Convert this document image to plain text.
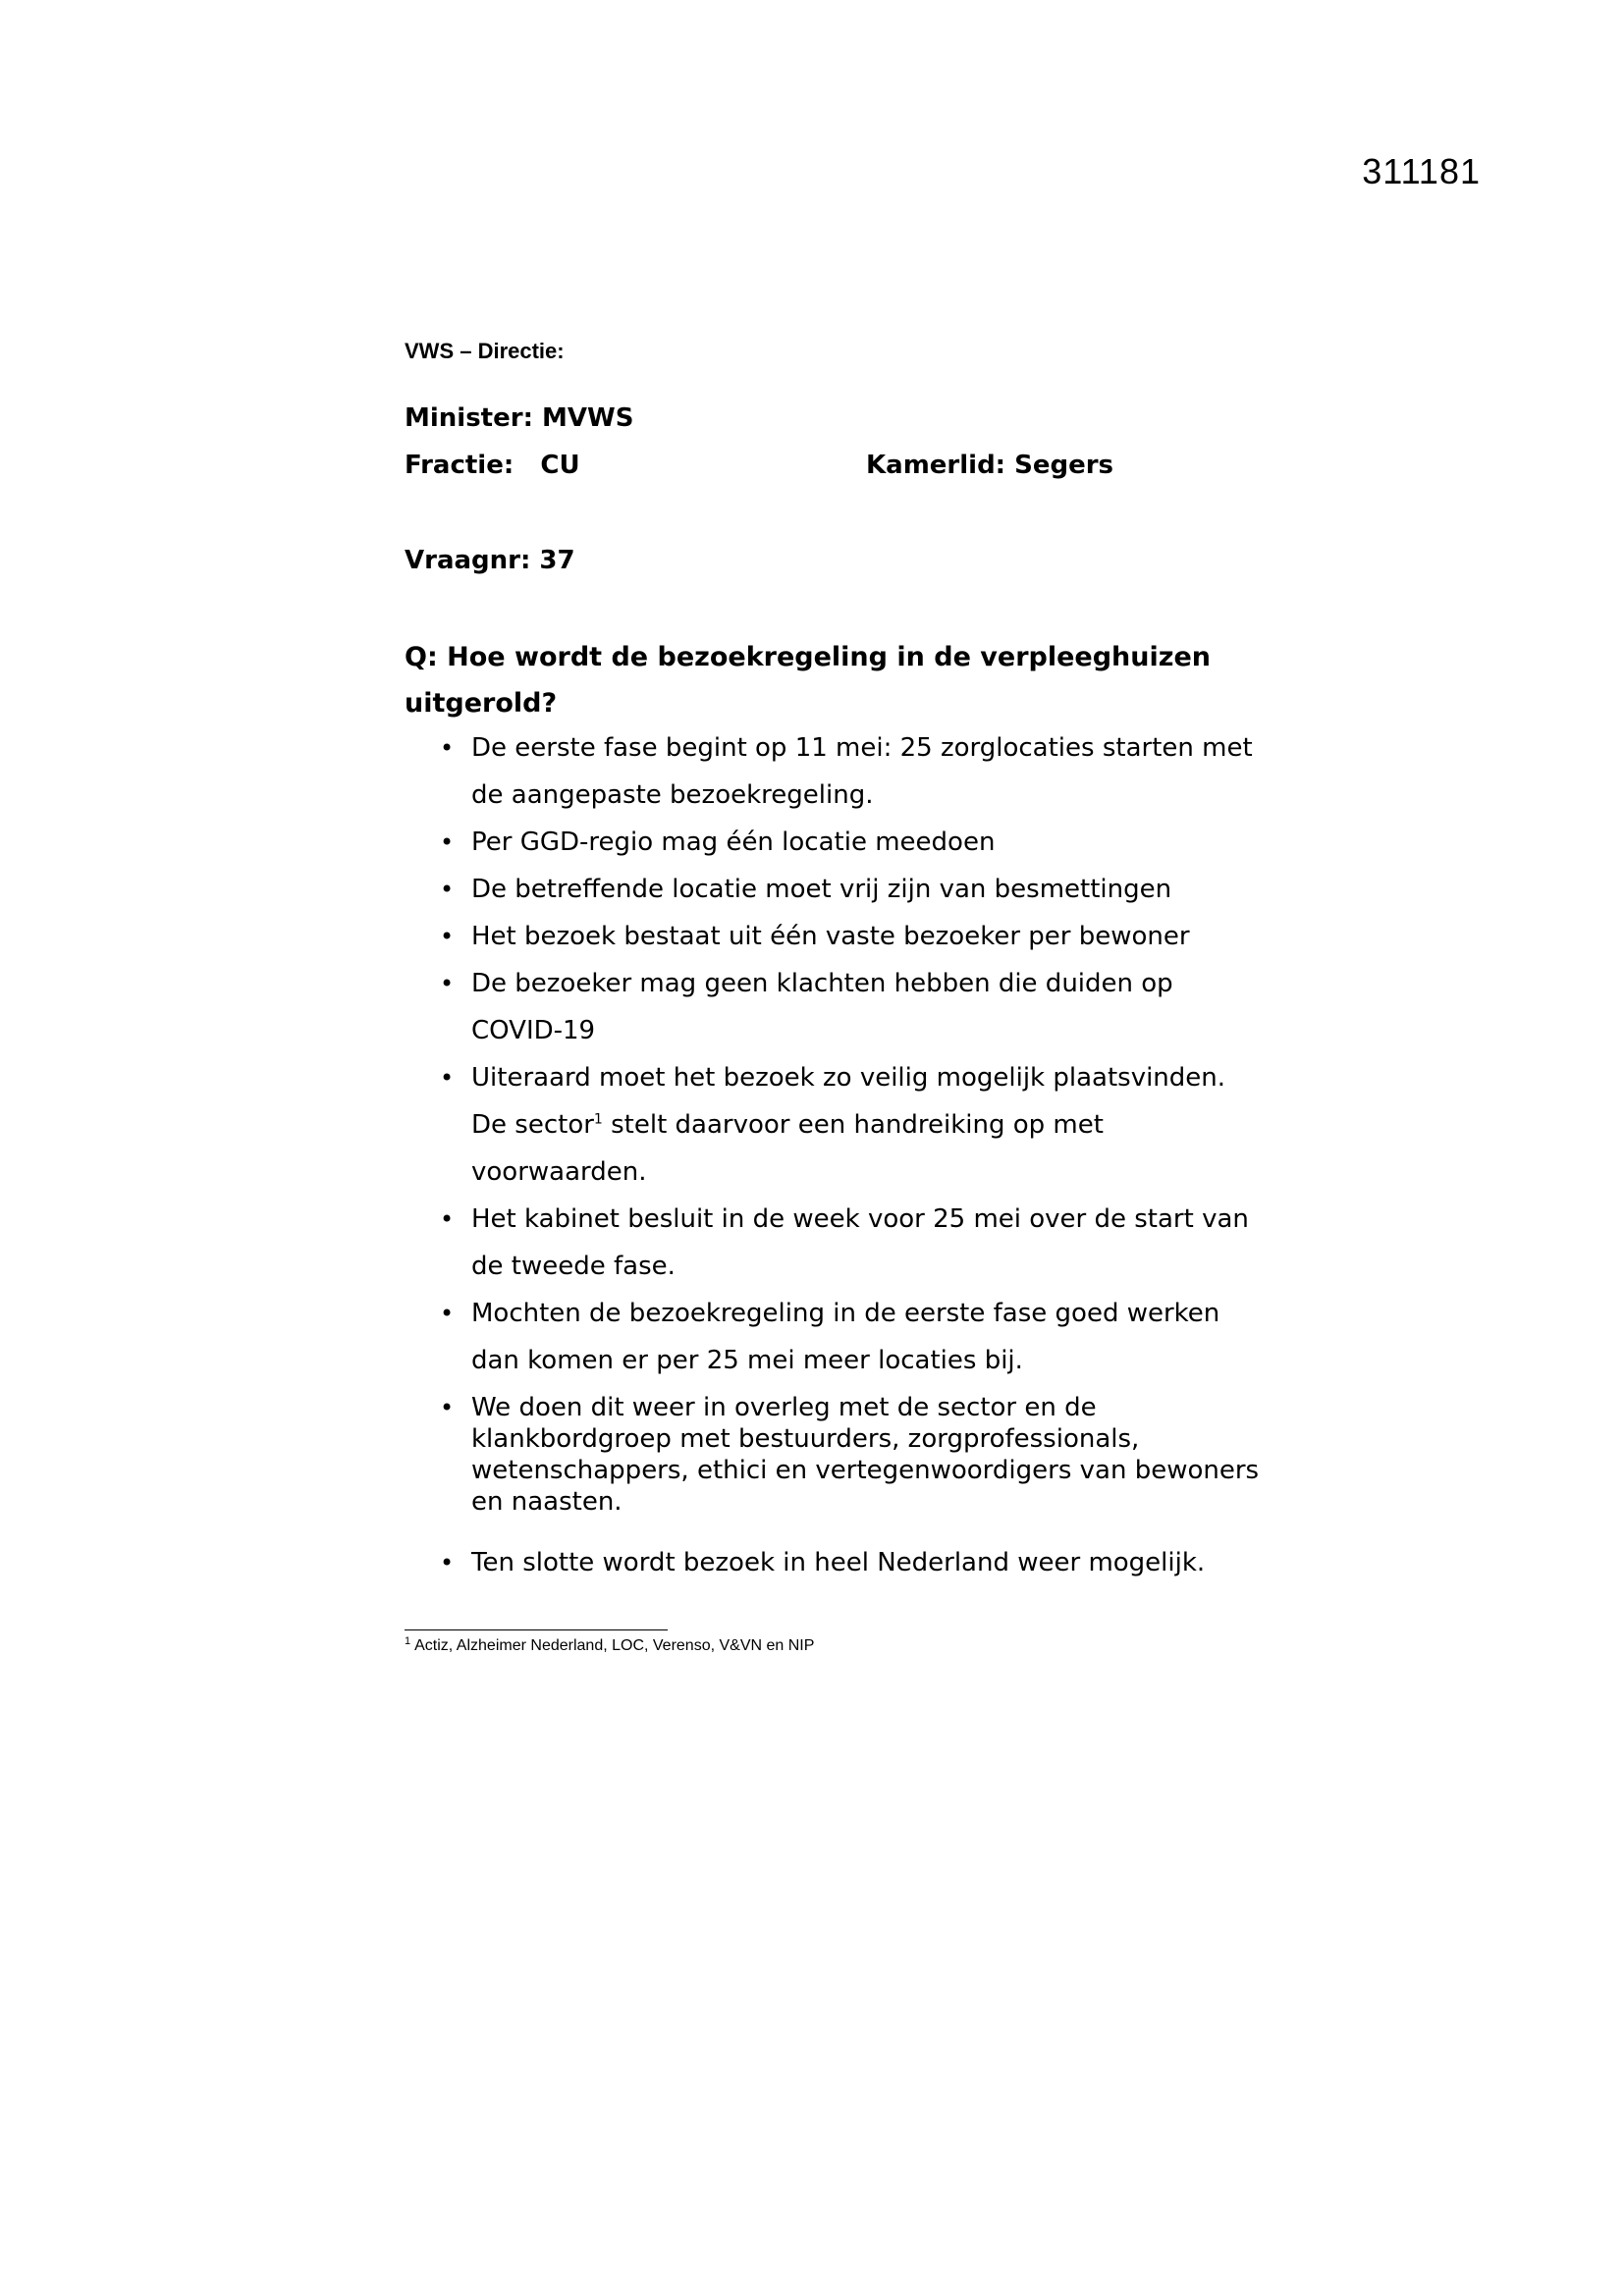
311181
VWS – Directie:
Minister: MVWS
Fractie:   CU	Kamerlid: Segers
Vraagnr: 37
Q: Hoe wordt de bezoekregeling in de verpleeghuizen uitgerold?
• De eerste fase begint op 11 mei: 25 zorglocaties starten met de aangepaste bezoekregeling.
• Per GGD-regio mag één locatie meedoen
• De betreffende locatie moet vrij zijn van besmettingen
• Het bezoek bestaat uit één vaste bezoeker per bewoner
• De bezoeker mag geen klachten hebben die duiden op COVID-19
• Uiteraard moet het bezoek zo veilig mogelijk plaatsvinden. De sector$^1$ stelt daarvoor een handreiking op met voorwaarden.
• Het kabinet besluit in de week voor 25 mei over de start van de tweede fase.
• Mochten de bezoekregeling in de eerste fase goed werken dan komen er per 25 mei meer locaties bij.
• We doen dit weer in overleg met de sector en de klankbordgroep met bestuurders, zorgprofessionals, wetenschappers, ethici en vertegenwoordigers van bewoners en naasten.
• Ten slotte wordt bezoek in heel Nederland weer mogelijk.
$^1$ Actiz, Alzheimer Nederland, LOC, Verenso, V&VN en NIP
